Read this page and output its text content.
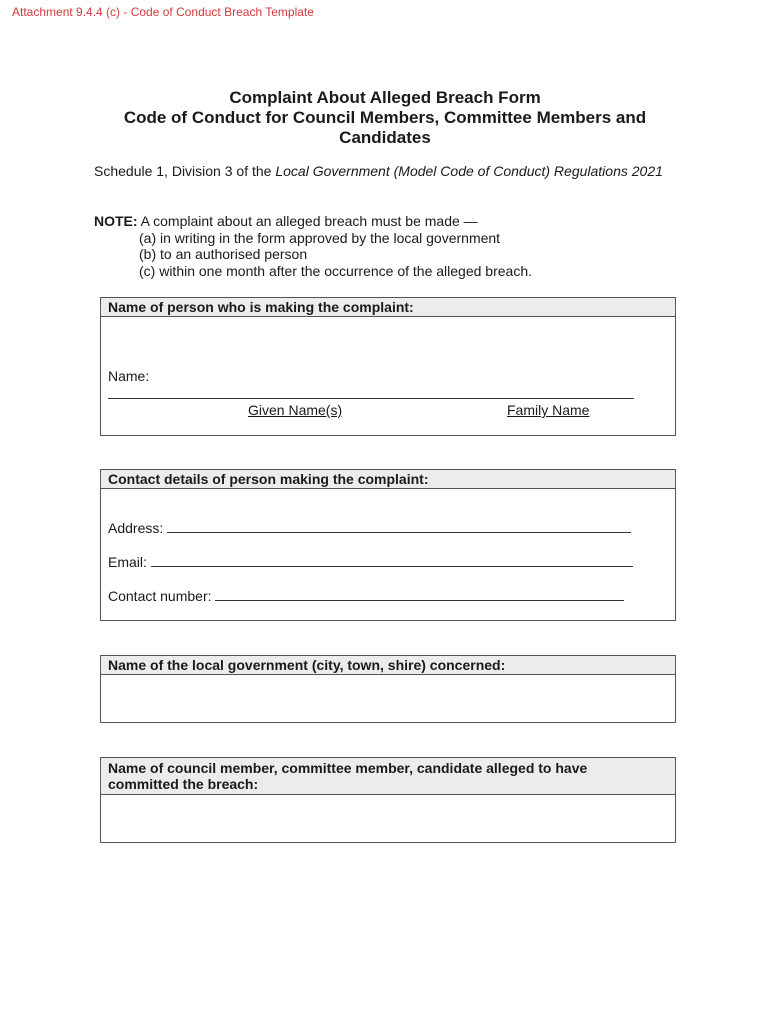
Attachment 9.4.4 (c) - Code of Conduct Breach Template
Complaint About Alleged Breach Form
Code of Conduct for Council Members, Committee Members and
Candidates
Schedule 1, Division 3 of the Local Government (Model Code of Conduct) Regulations 2021
NOTE: A complaint about an alleged breach must be made —
(a) in writing in the form approved by the local government
(b) to an authorised person
(c) within one month after the occurrence of the alleged breach.
Name of person who is making the complaint:
Name:
Given Name(s)	Family Name
Contact details of person making the complaint:
Address:
Email:
Contact number:
Name of the local government (city, town, shire) concerned:
Name of council member, committee member, candidate alleged to have committed the breach:
